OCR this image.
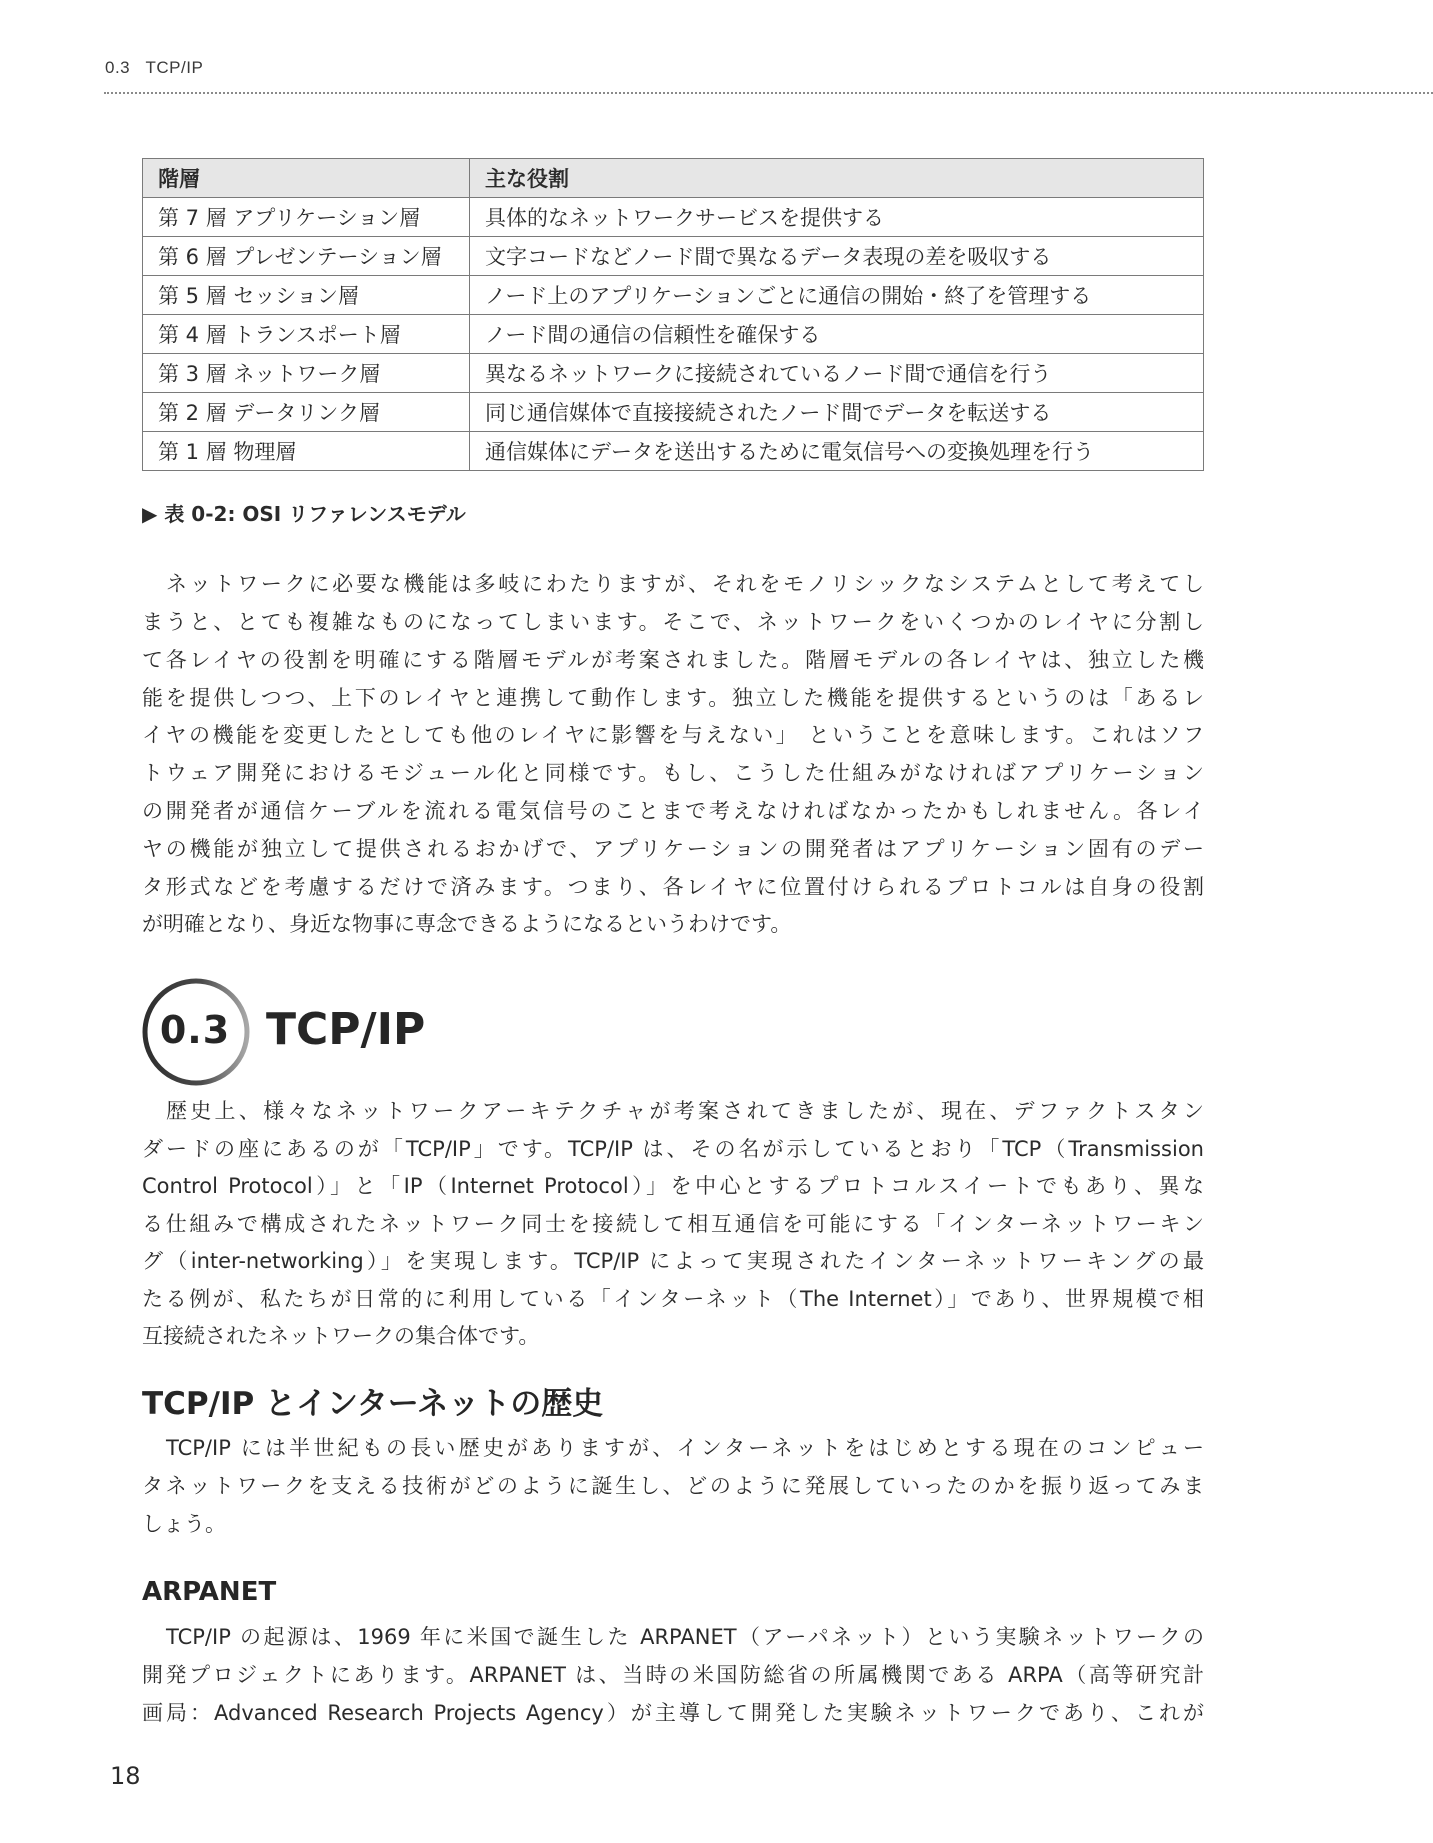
0.3 TCP/IP
階層	主な役割
第 7 層 アプリケーション層	具体的なネットワークサービスを提供する
第 6 層 プレゼンテーション層	文字コードなどノード間で異なるデータ表現の差を吸収する
第 5 層 セッション層	ノード上のアプリケーションごとに通信の開始・終了を管理する
第 4 層 トランスポート層	ノード間の通信の信頼性を確保する
第 3 層 ネットワーク層	異なるネットワークに接続されているノード間で通信を行う
第 2 層 データリンク層	同じ通信媒体で直接接続されたノード間でデータを転送する
第 1 層 物理層	通信媒体にデータを送出するために電気信号への変換処理を行う
▶ 表 0-2: OSI リファレンスモデル
ネットワークに必要な機能は多岐にわたりますが、それをモノリシックなシステムとして考えてし
まうと、とても複雑なものになってしまいます。そこで、ネットワークをいくつかのレイヤに分割し
て各レイヤの役割を明確にする階層モデルが考案されました。階層モデルの各レイヤは、独立した機
能を提供しつつ、上下のレイヤと連携して動作します。独立した機能を提供するというのは「あるレ
イヤの機能を変更したとしても他のレイヤに影響を与えない」 ということを意味します。これはソフ
トウェア開発におけるモジュール化と同様です。もし、こうした仕組みがなければアプリケーション
の開発者が通信ケーブルを流れる電気信号のことまで考えなければなかったかもしれません。各レイ
ヤの機能が独立して提供されるおかげで、アプリケーションの開発者はアプリケーション固有のデー
タ形式などを考慮するだけで済みます。つまり、各レイヤに位置付けられるプロトコルは自身の役割
が明確となり、身近な物事に専念できるようになるというわけです。
0.3 TCP/IP
歴史上、様々なネットワークアーキテクチャが考案されてきましたが、現在、デファクトスタン
ダードの座にあるのが「TCP/IP」です。TCP/IP は、その名が示しているとおり「TCP（Transmission
Control Protocol）」と「IP（Internet Protocol）」を中心とするプロトコルスイートでもあり、異な
る仕組みで構成されたネットワーク同士を接続して相互通信を可能にする「インターネットワーキン
グ（inter-networking）」を実現します。TCP/IP によって実現されたインターネットワーキングの最
たる例が、私たちが日常的に利用している「インターネット（The Internet）」であり、世界規模で相
互接続されたネットワークの集合体です。
TCP/IP とインターネットの歴史
TCP/IP には半世紀もの長い歴史がありますが、インターネットをはじめとする現在のコンピュー
タネットワークを支える技術がどのように誕生し、どのように発展していったのかを振り返ってみま
しょう。
ARPANET
TCP/IP の起源は、1969 年に米国で誕生した ARPANET（アーパネット）という実験ネットワークの
開発プロジェクトにあります。ARPANET は、当時の米国防総省の所属機関である ARPA（高等研究計
画局：Advanced Research Projects Agency）が主導して開発した実験ネットワークであり、これが
18
